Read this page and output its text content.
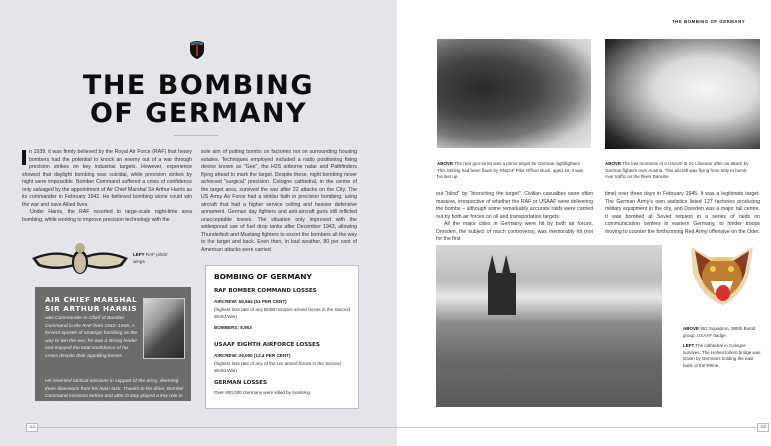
THE BOMBING
OF GERMANY

n 1939, it was firmly believed by the Royal Air Force (RAF) that heavy bombers had the potential to knock an enemy out of a war through precision strikes on key industrial targets. However, experience showed that daylight bombing was suicidal, while precision strikes by night were impossible. Bomber Command suffered a crisis of confidence only salvaged by the appointment of Air Chief Marshal Sir Arthur Harris as its commander in February 1942. He believed bombing alone could win the war and save Allied lives.

Under Harris, the RAF resorted to large-scale night-time area bombing, while working to improve precision technology with the

LEFT RAF pilots' wings

sole aim of putting bombs on factories not on surrounding housing estates. Techniques employed included a radio positioning fixing device known as "Gee", the H2S airborne radar and Pathfinders flying ahead to mark the target. Despite these, night bombing never achieved "surgical" precision. Cologne cathedral, in the centre of the target area, survived the war after 22 attacks on the City. The US Army Air Force had a similar faith in precision bombing, using aircraft that had a higher service ceiling and heavier defensive armament. German day fighters and anti-aircraft guns still inflicted unacceptable losses. The situation only improved with the widespread use of fuel drop tanks after December 1943, allowing Thunderbolt and Mustang fighters to escort the bombers all the way to the target and back. Even then, in bad weather, 80 per cent of American attacks were carried

AIR CHIEF MARSHAL
SIR ARTHUR HARRIS
was Commander-in-Chief of Bomber Command in the RAF from 1942–1945. A fervent apostle of strategic bombing as the way to win the war, he was a strong leader and enjoyed the total confidence of his crews despite their appalling losses.
He resented tactical missions in support of the army, deeming them diversions from his main task. Thanks to his drive, Bomber Command missions before and after D-Day played a key role in Allied success in north-west Europe.
BOMBING OF GERMANY
RAF BOMBER COMMAND LOSSES
AIRCREW: 55,564 (51 PER CENT)
(highest loss rate of any British Empire armed forces in the Second World War)
BOMBERS: 8,953
USAAF EIGHTH AIRFORCE LOSSES
AIRCREW: 26,000 (12.4 PER CENT)
(highest loss rate of any of the US armed forces in the Second World War)
GERMAN LOSSES
Over 600,000 Germans were killed by bombing
114	115
THE BOMBING OF GERMANY
ABOVE The rear gun-turret was a prime target for German nightfighters. This Stirling had been flown by RNZAF Pilot Officer Buck, aged 19. It was his last op.
ABOVE The last moments of a USAAF B-24 Liberator after an attack by German fighters over Austria. This aircraft was flying from Italy to bomb river traffic on the River Danube.

out "blind" by "drenching the target". Civilian casualties were often massive, irrespective of whether the RAF or USAAF were delivering the bombs – although some remarkably accurate raids were carried out by both air forces on oil and transportation targets.

All the major cities in Germany were hit by both air forces. Dresden, the subject of much controversy, was memorably hit (not for the first

time) over three days in February 1945. It was a legitimate target. The German Army's own statistics listed 127 factories producing military equipment in the city, and Dresden was a major rail centre. It was bombed at Soviet request in a series of raids on communication centres in eastern Germany, to hinder troops moving to counter the forthcoming Red Army offensive on the Oder.

ABOVE 551 Squadron, 385th Bomb group, USAAF badge.
LEFT The cathedral in Cologne survives. The Hohenzollern bridge was blown by Germans holding the east bank of the Rhine.
